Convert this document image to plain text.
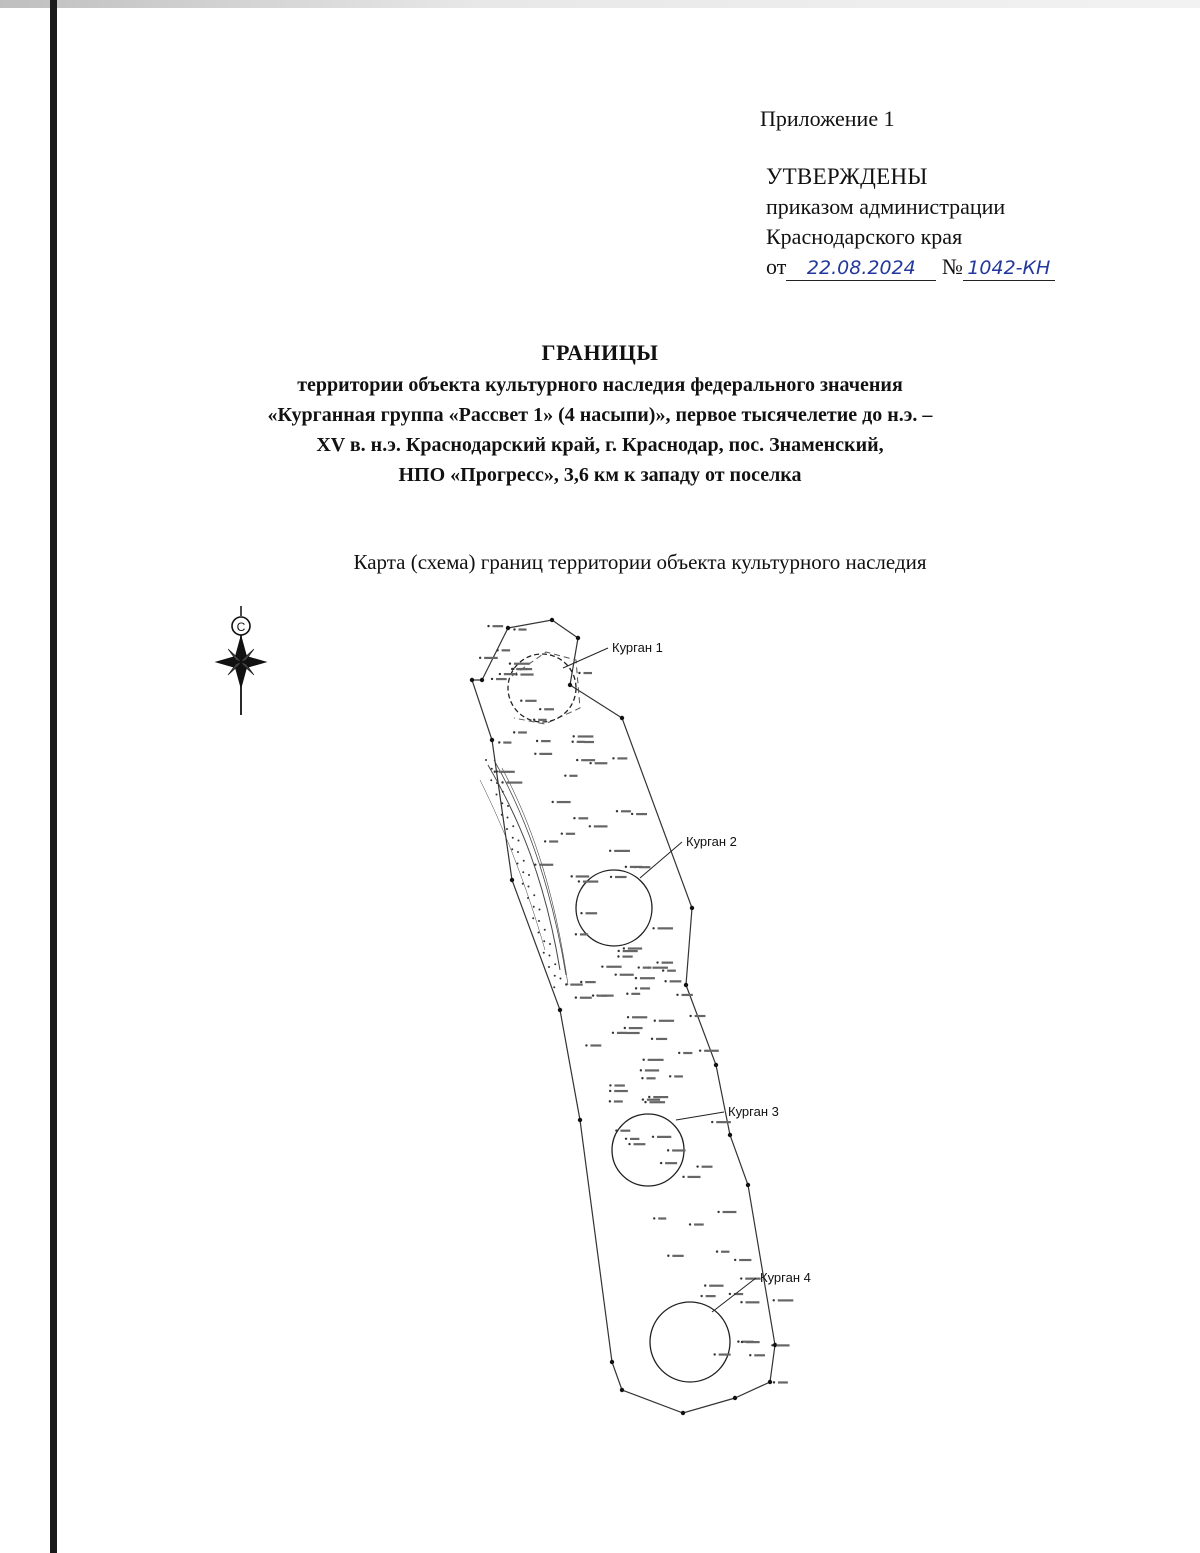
Приложение 1
УТВЕРЖДЕНЫ
приказом администрации
Краснодарского края
от 22.08.2024 № 1042-КН
ГРАНИЦЫ
территории объекта культурного наследия федерального значения
«Курганная группа «Рассвет 1» (4 насыпи)», первое тысячелетие до н.э. –
XV в. н.э. Краснодарский край, г. Краснодар, пос. Знаменский,
НПО «Прогресс», 3,6 км к западу от поселка
Карта (схема) границ территории объекта культурного наследия
С
Курган 1
Курган 2
Курган 3
Курган 4
